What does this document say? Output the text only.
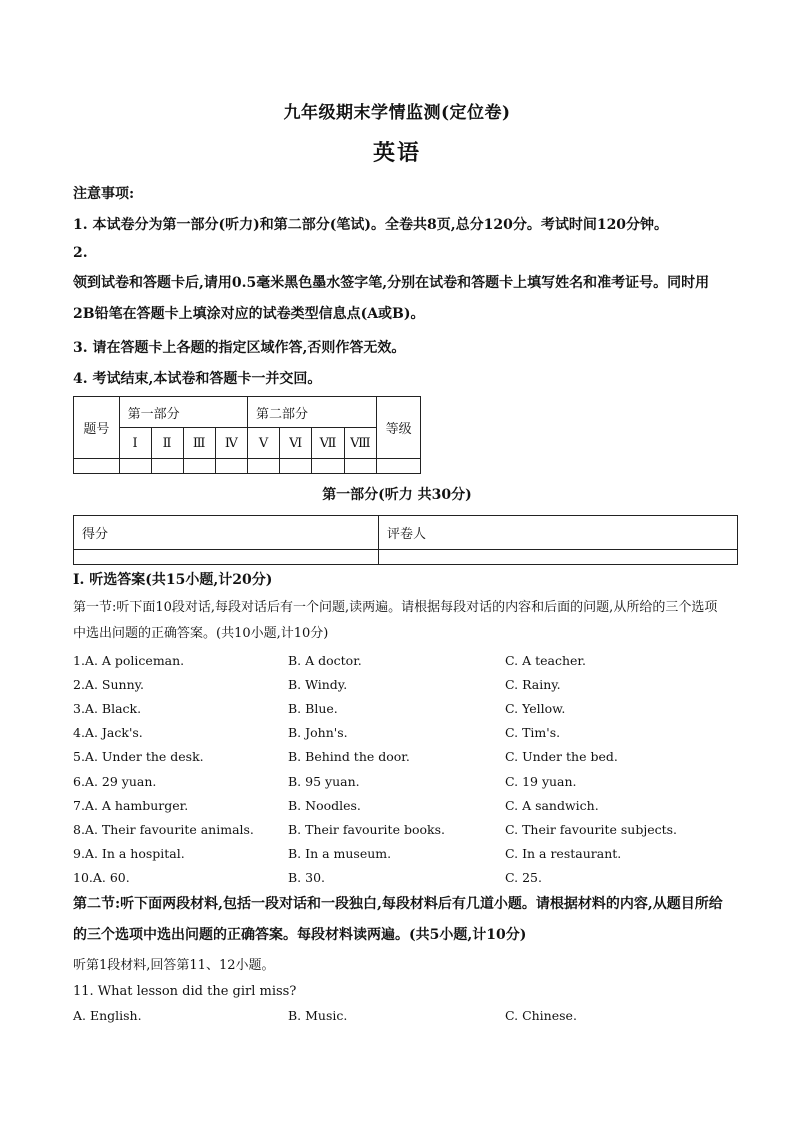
九年级期末学情监测(定位卷)
英语
注意事项:
1. 本试卷分为第一部分(听力)和第二部分(笔试)。全卷共8页,总分120分。考试时间120分钟。
2.
领到试卷和答题卡后,请用0.5毫米黑色墨水签字笔,分别在试卷和答题卡上填写姓名和准考证号。同时用2B铅笔在答题卡上填涂对应的试卷类型信息点(A或B)。
3. 请在答题卡上各题的指定区域作答,否则作答无效。
4. 考试结束,本试卷和答题卡一并交回。
题号	第一部分				第二部分				等级
	Ⅰ	Ⅱ	Ⅲ	Ⅳ	Ⅴ	Ⅵ	Ⅶ	Ⅷ	

第一部分(听力 共30分)
得分	评卷人

Ⅰ. 听选答案(共15小题,计20分)
第一节:听下面10段对话,每段对话后有一个问题,读两遍。请根据每段对话的内容和后面的问题,从所给的三个选项中选出问题的正确答案。(共10小题,计10分)
1.A. A policeman.	B. A doctor.	C. A teacher.
2.A. Sunny.	B. Windy.	C. Rainy.
3.A. Black.	B. Blue.	C. Yellow.
4.A. Jack's.	B. John's.	C. Tim's.
5.A. Under the desk.	B. Behind the door.	C. Under the bed.
6.A. 29 yuan.	B. 95 yuan.	C. 19 yuan.
7.A. A hamburger.	B. Noodles.	C. A sandwich.
8.A. Their favourite animals.	B. Their favourite books.	C. Their favourite subjects.
9.A. In a hospital.	B. In a museum.	C. In a restaurant.
10.A. 60.	B. 30.	C. 25.
第二节:听下面两段材料,包括一段对话和一段独白,每段材料后有几道小题。请根据材料的内容,从题目所给的三个选项中选出问题的正确答案。每段材料读两遍。(共5小题,计10分)
听第1段材料,回答第11、12小题。
11. What lesson did the girl miss?
A. English.	B. Music.	C. Chinese.
